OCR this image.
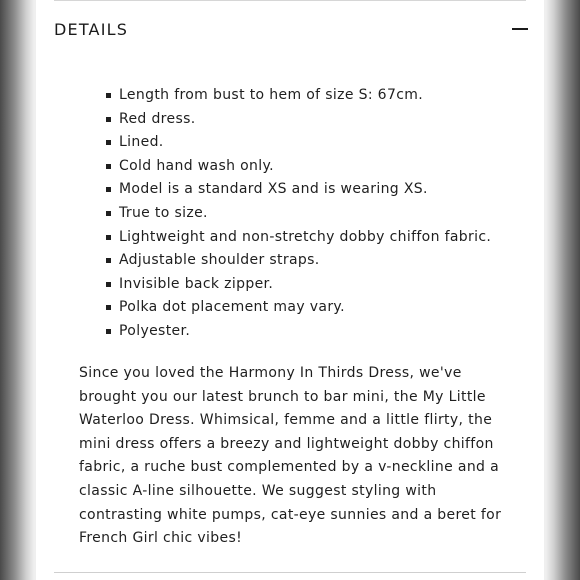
DETAILS
Length from bust to hem of size S: 67cm.
Red dress.
Lined.
Cold hand wash only.
Model is a standard XS and is wearing XS.
True to size.
Lightweight and non-stretchy dobby chiffon fabric.
Adjustable shoulder straps.
Invisible back zipper.
Polka dot placement may vary.
Polyester.

Since you loved the Harmony In Thirds Dress, we've
brought you our latest brunch to bar mini, the My Little
Waterloo Dress. Whimsical, femme and a little flirty, the
mini dress offers a breezy and lightweight dobby chiffon
fabric, a ruche bust complemented by a v-neckline and a
classic A-line silhouette. We suggest styling with
contrasting white pumps, cat-eye sunnies and a beret for
French Girl chic vibes!
